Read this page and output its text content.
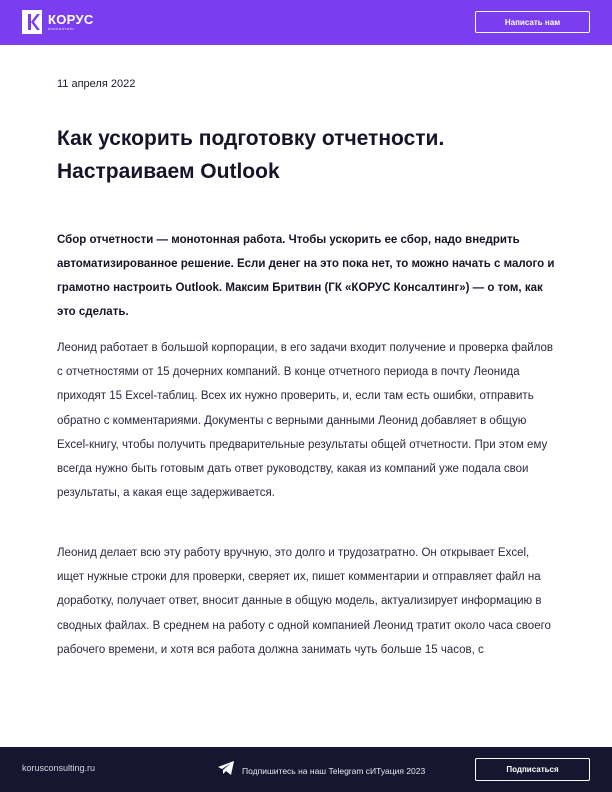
КОРУС
консалтинг
Написать нам
11 апреля 2022
Как ускорить подготовку отчетности.
Настраиваем Outlook

Сбор отчетности — монотонная работа. Чтобы ускорить ее сбор, надо внедрить автоматизированное решение. Если денег на это пока нет, то можно начать с малого и грамотно настроить Outlook. Максим Бритвин (ГК «КОРУС Консалтинг») — о том, как это сделать.

Леонид работает в большой корпорации, в его задачи входит получение и проверка файлов с отчетностями от 15 дочерних компаний. В конце отчетного периода в почту Леонида приходят 15 Excel-таблиц. Всех их нужно проверить, и, если там есть ошибки, отправить обратно с комментариями. Документы с верными данными Леонид добавляет в общую Excel-книгу, чтобы получить предварительные результаты общей отчетности. При этом ему всегда нужно быть готовым дать ответ руководству, какая из компаний уже подала свои результаты, а какая еще задерживается.

Леонид делает всю эту работу вручную, это долго и трудозатратно. Он открывает Excel, ищет нужные строки для проверки, сверяет их, пишет комментарии и отправляет файл на доработку, получает ответ, вносит данные в общую модель, актуализирует информацию в сводных файлах. В среднем на работу с одной компанией Леонид тратит около часа своего рабочего времени, и хотя вся работа должна занимать чуть больше 15 часов, с

korusconsulting.ru	Подпишитесь на наш Telegram сИТуация 2023	Подписаться
